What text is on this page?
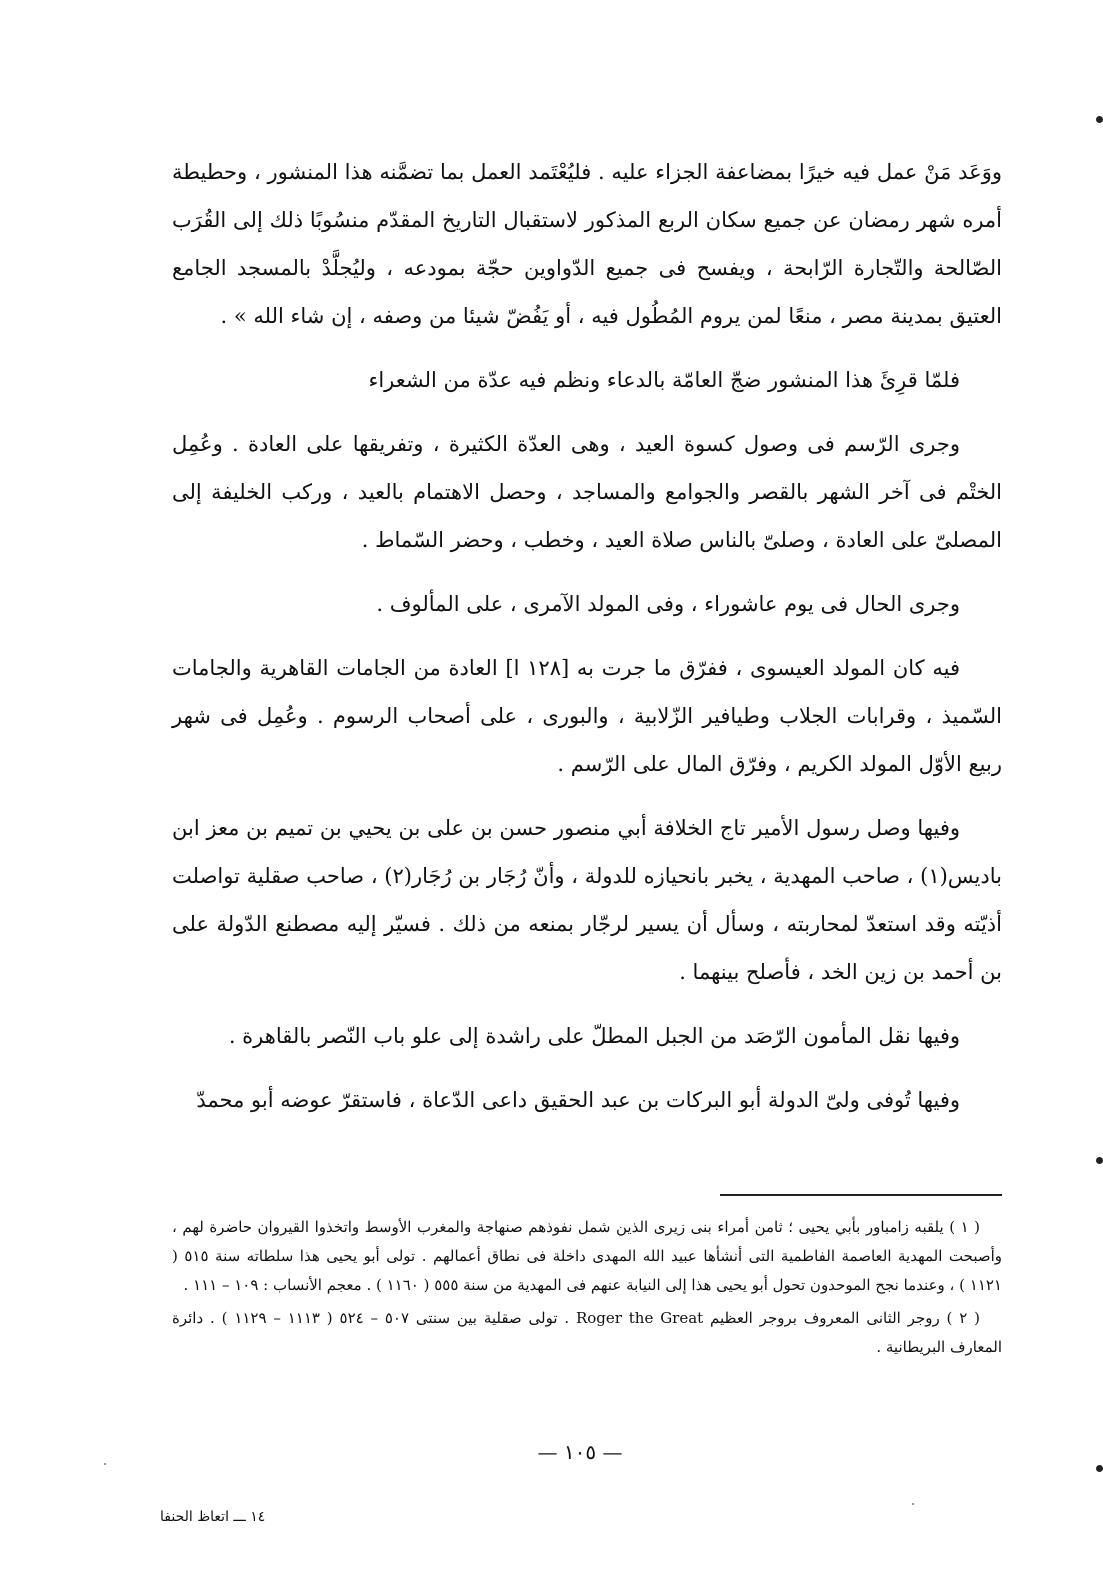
ووَعَد مَنْ عمل فيه خيرًا بمضاعفة الجزاء عليه . فليُعْتَمد العمل بما تضمَّنه هذا المنشور ، وحطيطة أمره شهر رمضان عن جميع سكان الربع المذكور لاستقبال التاريخ المقدّم منسُوبًا ذلك إلى القُرَب الصّالحة والتّجارة الرّابحة ، ويفسح فى جميع الدّواوين حجّة بمودعه ، وليُجلَّدْ بالمسجد الجامع العتيق بمدينة مصر ، منعًا لمن يروم المُطُول فيه ، أو يَفُضّ شيئا من وصفه ، إن شاء الله » .

فلمّا قرِئَ هذا المنشور ضجّ العامّة بالدعاء ونظم فيه عدّة من الشعراء

وجرى الرّسم فى وصول كسوة العيد ، وهى العدّة الكثيرة ، وتفريقها على العادة . وعُمِل الختْم فى آخر الشهر بالقصر والجوامع والمساجد ، وحصل الاهتمام بالعيد ، وركب الخليفة إلى المصلىّ على العادة ، وصلىّ بالناس صلاة العيد ، وخطب ، وحضر السّماط .

وجرى الحال فى يوم عاشوراء ، وفى المولد الآمرى ، على المألوف .

فيه كان المولد العيسوى ، ففرّق ما جرت به [١٢٨ ا] العادة من الجامات القاهرية والجامات السّميذ ، وقرابات الجلاب وطيافير الزّلابية ، والبورى ، على أصحاب الرسوم . وعُمِل فى شهر ربيع الأوّل المولد الكريم ، وفرّق المال على الرّسم .

وفيها وصل رسول الأمير تاج الخلافة أبي منصور حسن بن على بن يحيي بن تميم بن معز ابن باديس(١) ، صاحب المهدية ، يخبر بانحيازه للدولة ، وأنّ رُجَار بن رُجَار(٢) ، صاحب صقلية تواصلت أذيّته وقد استعدّ لمحاربته ، وسأل أن يسير لرجّار بمنعه من ذلك . فسيّر إليه مصطنع الدّولة على بن أحمد بن زين الخد ، فأصلح بينهما .

وفيها نقل المأمون الرّصَد من الجبل المطلّ على راشدة إلى علو باب النّصر بالقاهرة .

وفيها تُوفى ولىّ الدولة أبو البركات بن عبد الحقيق داعى الدّعاة ، فاستقرّ عوضه أبو محمدّ

( ١ ) يلقبه زامباور بأبي يحيى ؛ ثامن أمراء بنى زيرى الذين شمل نفوذهم صنهاجة والمغرب الأوسط واتخذوا القيروان حاضرة لهم ، وأصبحت المهدية العاصمة الفاطمية التى أنشأها عبيد الله المهدى داخلة فى نطاق أعمالهم . تولى أبو يحيى هذا سلطاته سنة ٥١٥ ( ١١٢١ ) ، وعندما نجح الموحدون تحول أبو يحيى هذا إلى النيابة عنهم فى المهدية من سنة ٥٥٥ ( ١١٦٠ ) . معجم الأنساب : ١٠٩ – ١١١ .

( ٢ ) روجر الثانى المعروف بروجر العظيم Roger the Great . تولى صقلية بين سنتى ٥٠٧ – ٥٢٤ ( ١١١٣ – ١١٢٩ ) . دائرة المعارف البريطانية .

— ١٠٥ —
١٤ ـــ اتعاظ الحنفا
